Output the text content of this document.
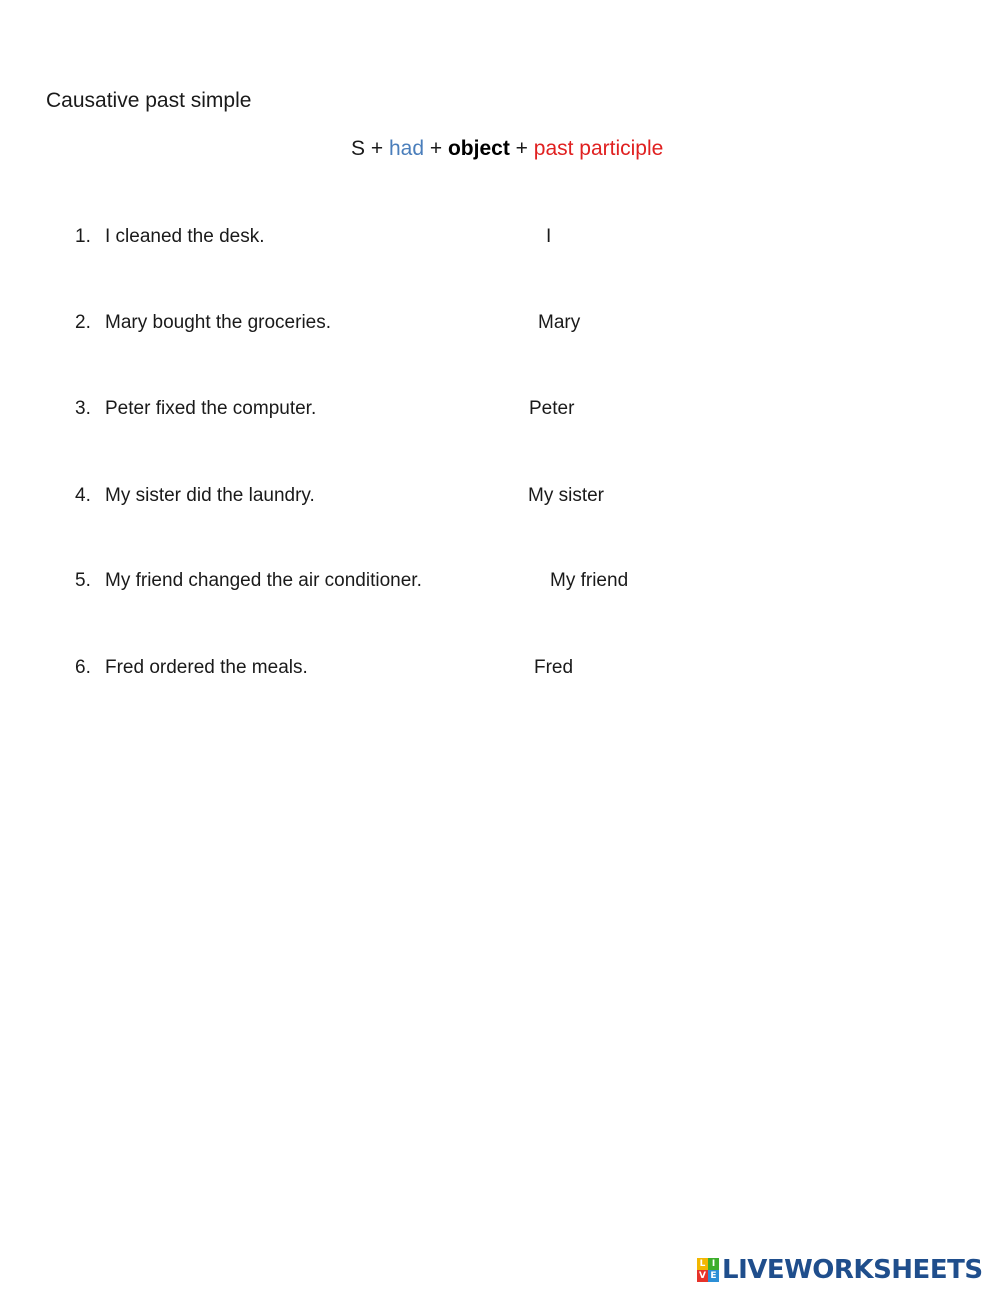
Causative past simple
S + had + object + past participle
1. I cleaned the desk.	I
2. Mary bought the groceries.	Mary
3. Peter fixed the computer.	Peter
4. My sister did the laundry.	My sister
5. My friend changed the air conditioner.	My friend
6. Fred ordered the meals.	Fred
L I
V E LIVEWORKSHEETS
